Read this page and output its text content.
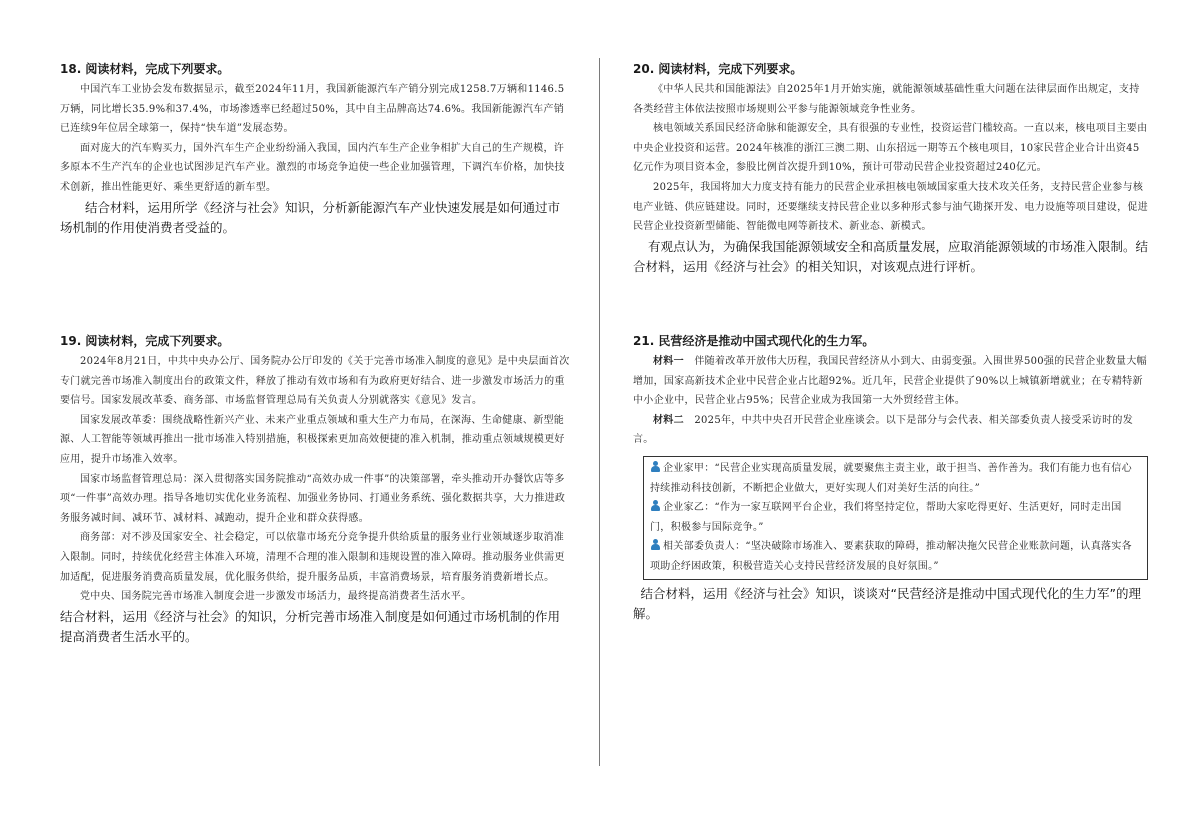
18. 阅读材料，完成下列要求。

中国汽车工业协会发布数据显示，截至2024年11月，我国新能源汽车产销分别完成1258.7万辆和1146.5万辆，同比增长35.9%和37.4%，市场渗透率已经超过50%，其中自主品牌高达74.6%。我国新能源汽车产销已连续9年位居全球第一，保持“快车道”发展态势。

面对庞大的汽车购买力，国外汽车生产企业纷纷涌入我国，国内汽车生产企业争相扩大自己的生产规模，许多原本不生产汽车的企业也试图涉足汽车产业。激烈的市场竞争迫使一些企业加强管理，下调汽车价格，加快技术创新，推出性能更好、乘坐更舒适的新车型。

结合材料，运用所学《经济与社会》知识，分析新能源汽车产业快速发展是如何通过市场机制的作用使消费者受益的。

19. 阅读材料，完成下列要求。

2024年8月21日，中共中央办公厅、国务院办公厅印发的《关于完善市场准入制度的意见》是中央层面首次专门就完善市场准入制度出台的政策文件，释放了推动有效市场和有为政府更好结合、进一步激发市场活力的重要信号。国家发展改革委、商务部、市场监督管理总局有关负责人分别就落实《意见》发言。

国家发展改革委：围绕战略性新兴产业、未来产业重点领域和重大生产力布局，在深海、生命健康、新型能源、人工智能等领域再推出一批市场准入特别措施，积极探索更加高效便捷的准入机制，推动重点领域规模更好应用，提升市场准入效率。

国家市场监督管理总局：深入贯彻落实国务院推动“高效办成一件事”的决策部署，牵头推动开办餐饮店等多项“一件事”高效办理。指导各地切实优化业务流程、加强业务协同、打通业务系统、强化数据共享，大力推进政务服务减时间、减环节、减材料、减跑动，提升企业和群众获得感。

商务部：对不涉及国家安全、社会稳定，可以依靠市场充分竞争提升供给质量的服务业行业领域逐步取消准入限制。同时，持续优化经营主体准入环境，清理不合理的准入限制和违规设置的准入障碍。推动服务业供需更加适配，促进服务消费高质量发展，优化服务供给，提升服务品质，丰富消费场景，培育服务消费新增长点。

党中央、国务院完善市场准入制度会进一步激发市场活力，最终提高消费者生活水平。

结合材料，运用《经济与社会》的知识，分析完善市场准入制度是如何通过市场机制的作用提高消费者生活水平的。

20. 阅读材料，完成下列要求。

《中华人民共和国能源法》自2025年1月开始实施，就能源领域基础性重大问题在法律层面作出规定，支持各类经营主体依法按照市场规则公平参与能源领域竞争性业务。

核电领域关系国民经济命脉和能源安全，具有很强的专业性，投资运营门槛较高。一直以来，核电项目主要由中央企业投资和运营。2024年核准的浙江三澳二期、山东招远一期等五个核电项目，10家民营企业合计出资45亿元作为项目资本金，参股比例首次提升到10%，预计可带动民营企业投资超过240亿元。

2025年，我国将加大力度支持有能力的民营企业承担核电领域国家重大技术攻关任务，支持民营企业参与核电产业链、供应链建设。同时，还要继续支持民营企业以多种形式参与油气勘探开发、电力设施等项目建设，促进民营企业投资新型储能、智能微电网等新技术、新业态、新模式。

有观点认为，为确保我国能源领域安全和高质量发展，应取消能源领域的市场准入限制。结合材料，运用《经济与社会》的相关知识，对该观点进行评析。

21. 民营经济是推动中国式现代化的生力军。

材料一 伴随着改革开放伟大历程，我国民营经济从小到大、由弱变强。入围世界500强的民营企业数量大幅增加，国家高新技术企业中民营企业占比超92%。近几年，民营企业提供了90%以上城镇新增就业；在专精特新中小企业中，民营企业占95%；民营企业成为我国第一大外贸经营主体。

材料二 2025年，中共中央召开民营企业座谈会。以下是部分与会代表、相关部委负责人接受采访时的发言。

企业家甲：“民营企业实现高质量发展，就要聚焦主责主业，敢于担当、善作善为。我们有能力也有信心持续推动科技创新，不断把企业做大，更好实现人们对美好生活的向往。”

企业家乙：“作为一家互联网平台企业，我们将坚持定位，帮助大家吃得更好、生活更好，同时走出国门，积极参与国际竞争。”

相关部委负责人：“坚决破除市场准入、要素获取的障碍，推动解决拖欠民营企业账款问题，认真落实各项助企纾困政策，积极营造关心支持民营经济发展的良好氛围。”

结合材料，运用《经济与社会》知识，谈谈对“民营经济是推动中国式现代化的生力军”的理解。
